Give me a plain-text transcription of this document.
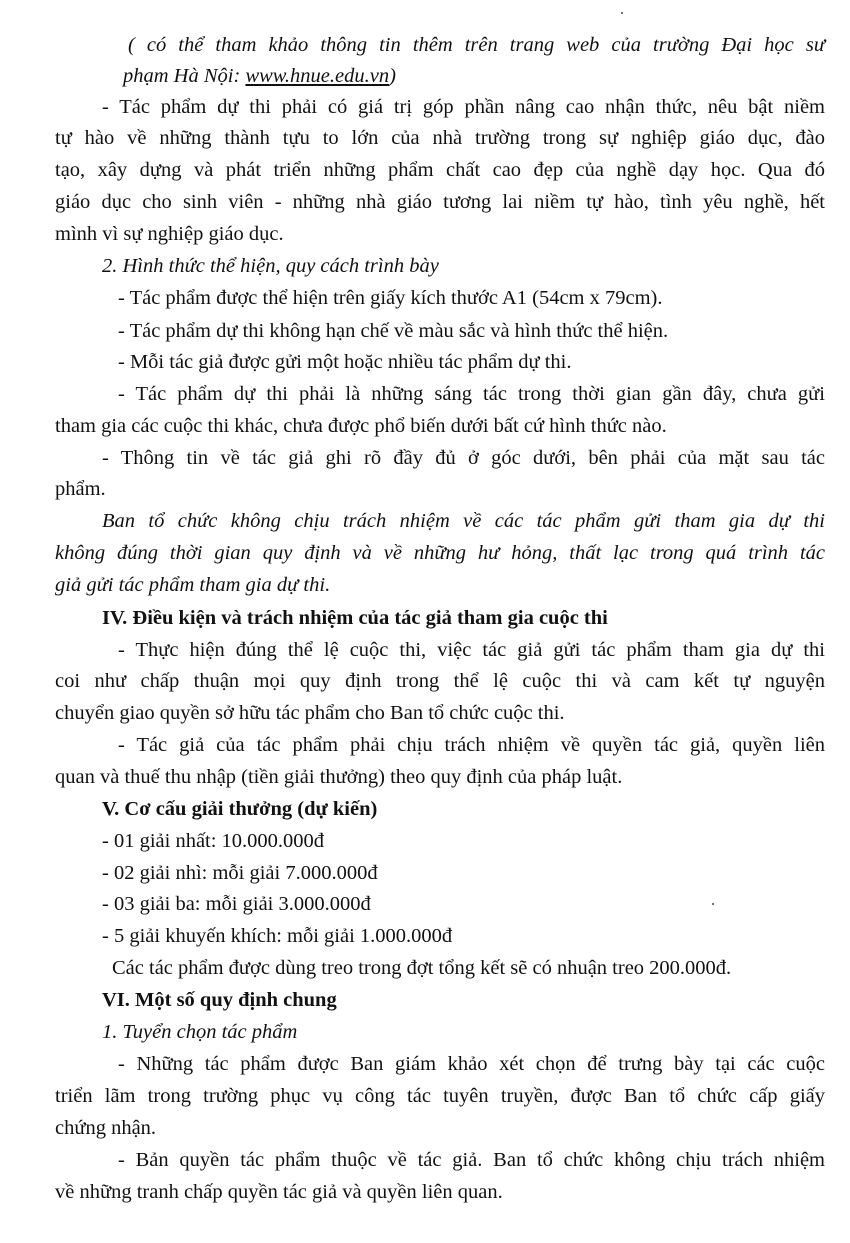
( có thể tham khảo thông tin thêm trên trang web của trường Đại học sư
phạm Hà Nội: www.hnue.edu.vn)
- Tác phẩm dự thi phải có giá trị góp phần nâng cao nhận thức, nêu bật niềm
tự hào về những thành tựu to lớn của nhà trường trong sự nghiệp giáo dục, đào
tạo, xây dựng và phát triển những phẩm chất cao đẹp của nghề dạy học. Qua đó
giáo dục cho sinh viên - những nhà giáo tương lai niềm tự hào, tình yêu nghề, hết
mình vì sự nghiệp giáo dục.
2. Hình thức thể hiện, quy cách trình bày
- Tác phẩm được thể hiện trên giấy kích thước A1 (54cm x 79cm).
- Tác phẩm dự thi không hạn chế về màu sắc và hình thức thể hiện.
- Mỗi tác giả được gửi một hoặc nhiều tác phẩm dự thi.
- Tác phẩm dự thi phải là những sáng tác trong thời gian gần đây, chưa gửi
tham gia các cuộc thi khác, chưa được phổ biến dưới bất cứ hình thức nào.
- Thông tin về tác giả ghi rõ đầy đủ ở góc dưới, bên phải của mặt sau tác
phẩm.
Ban tổ chức không chịu trách nhiệm về các tác phẩm gửi tham gia dự thi
không đúng thời gian quy định và về những hư hỏng, thất lạc trong quá trình tác
giả gửi tác phẩm tham gia dự thi.
IV. Điều kiện và trách nhiệm của tác giả tham gia cuộc thi
- Thực hiện đúng thể lệ cuộc thi, việc tác giả gửi tác phẩm tham gia dự thi
coi như chấp thuận mọi quy định trong thể lệ cuộc thi và cam kết tự nguyện
chuyển giao quyền sở hữu tác phẩm cho Ban tổ chức cuộc thi.
- Tác giả của tác phẩm phải chịu trách nhiệm về quyền tác giả, quyền liên
quan và thuế thu nhập (tiền giải thưởng) theo quy định của pháp luật.
V. Cơ cấu giải thưởng (dự kiến)
- 01 giải nhất: 10.000.000đ
- 02 giải nhì: mỗi giải 7.000.000đ
- 03 giải ba: mỗi giải 3.000.000đ
- 5 giải khuyến khích: mỗi giải 1.000.000đ
Các tác phẩm được dùng treo trong đợt tổng kết sẽ có nhuận treo 200.000đ.
VI. Một số quy định chung
1. Tuyển chọn tác phẩm
- Những tác phẩm được Ban giám khảo xét chọn để trưng bày tại các cuộc
triển lãm trong trường phục vụ công tác tuyên truyền, được Ban tổ chức cấp giấy
chứng nhận.
- Bản quyền tác phẩm thuộc về tác giả. Ban tổ chức không chịu trách nhiệm
về những tranh chấp quyền tác giả và quyền liên quan.
